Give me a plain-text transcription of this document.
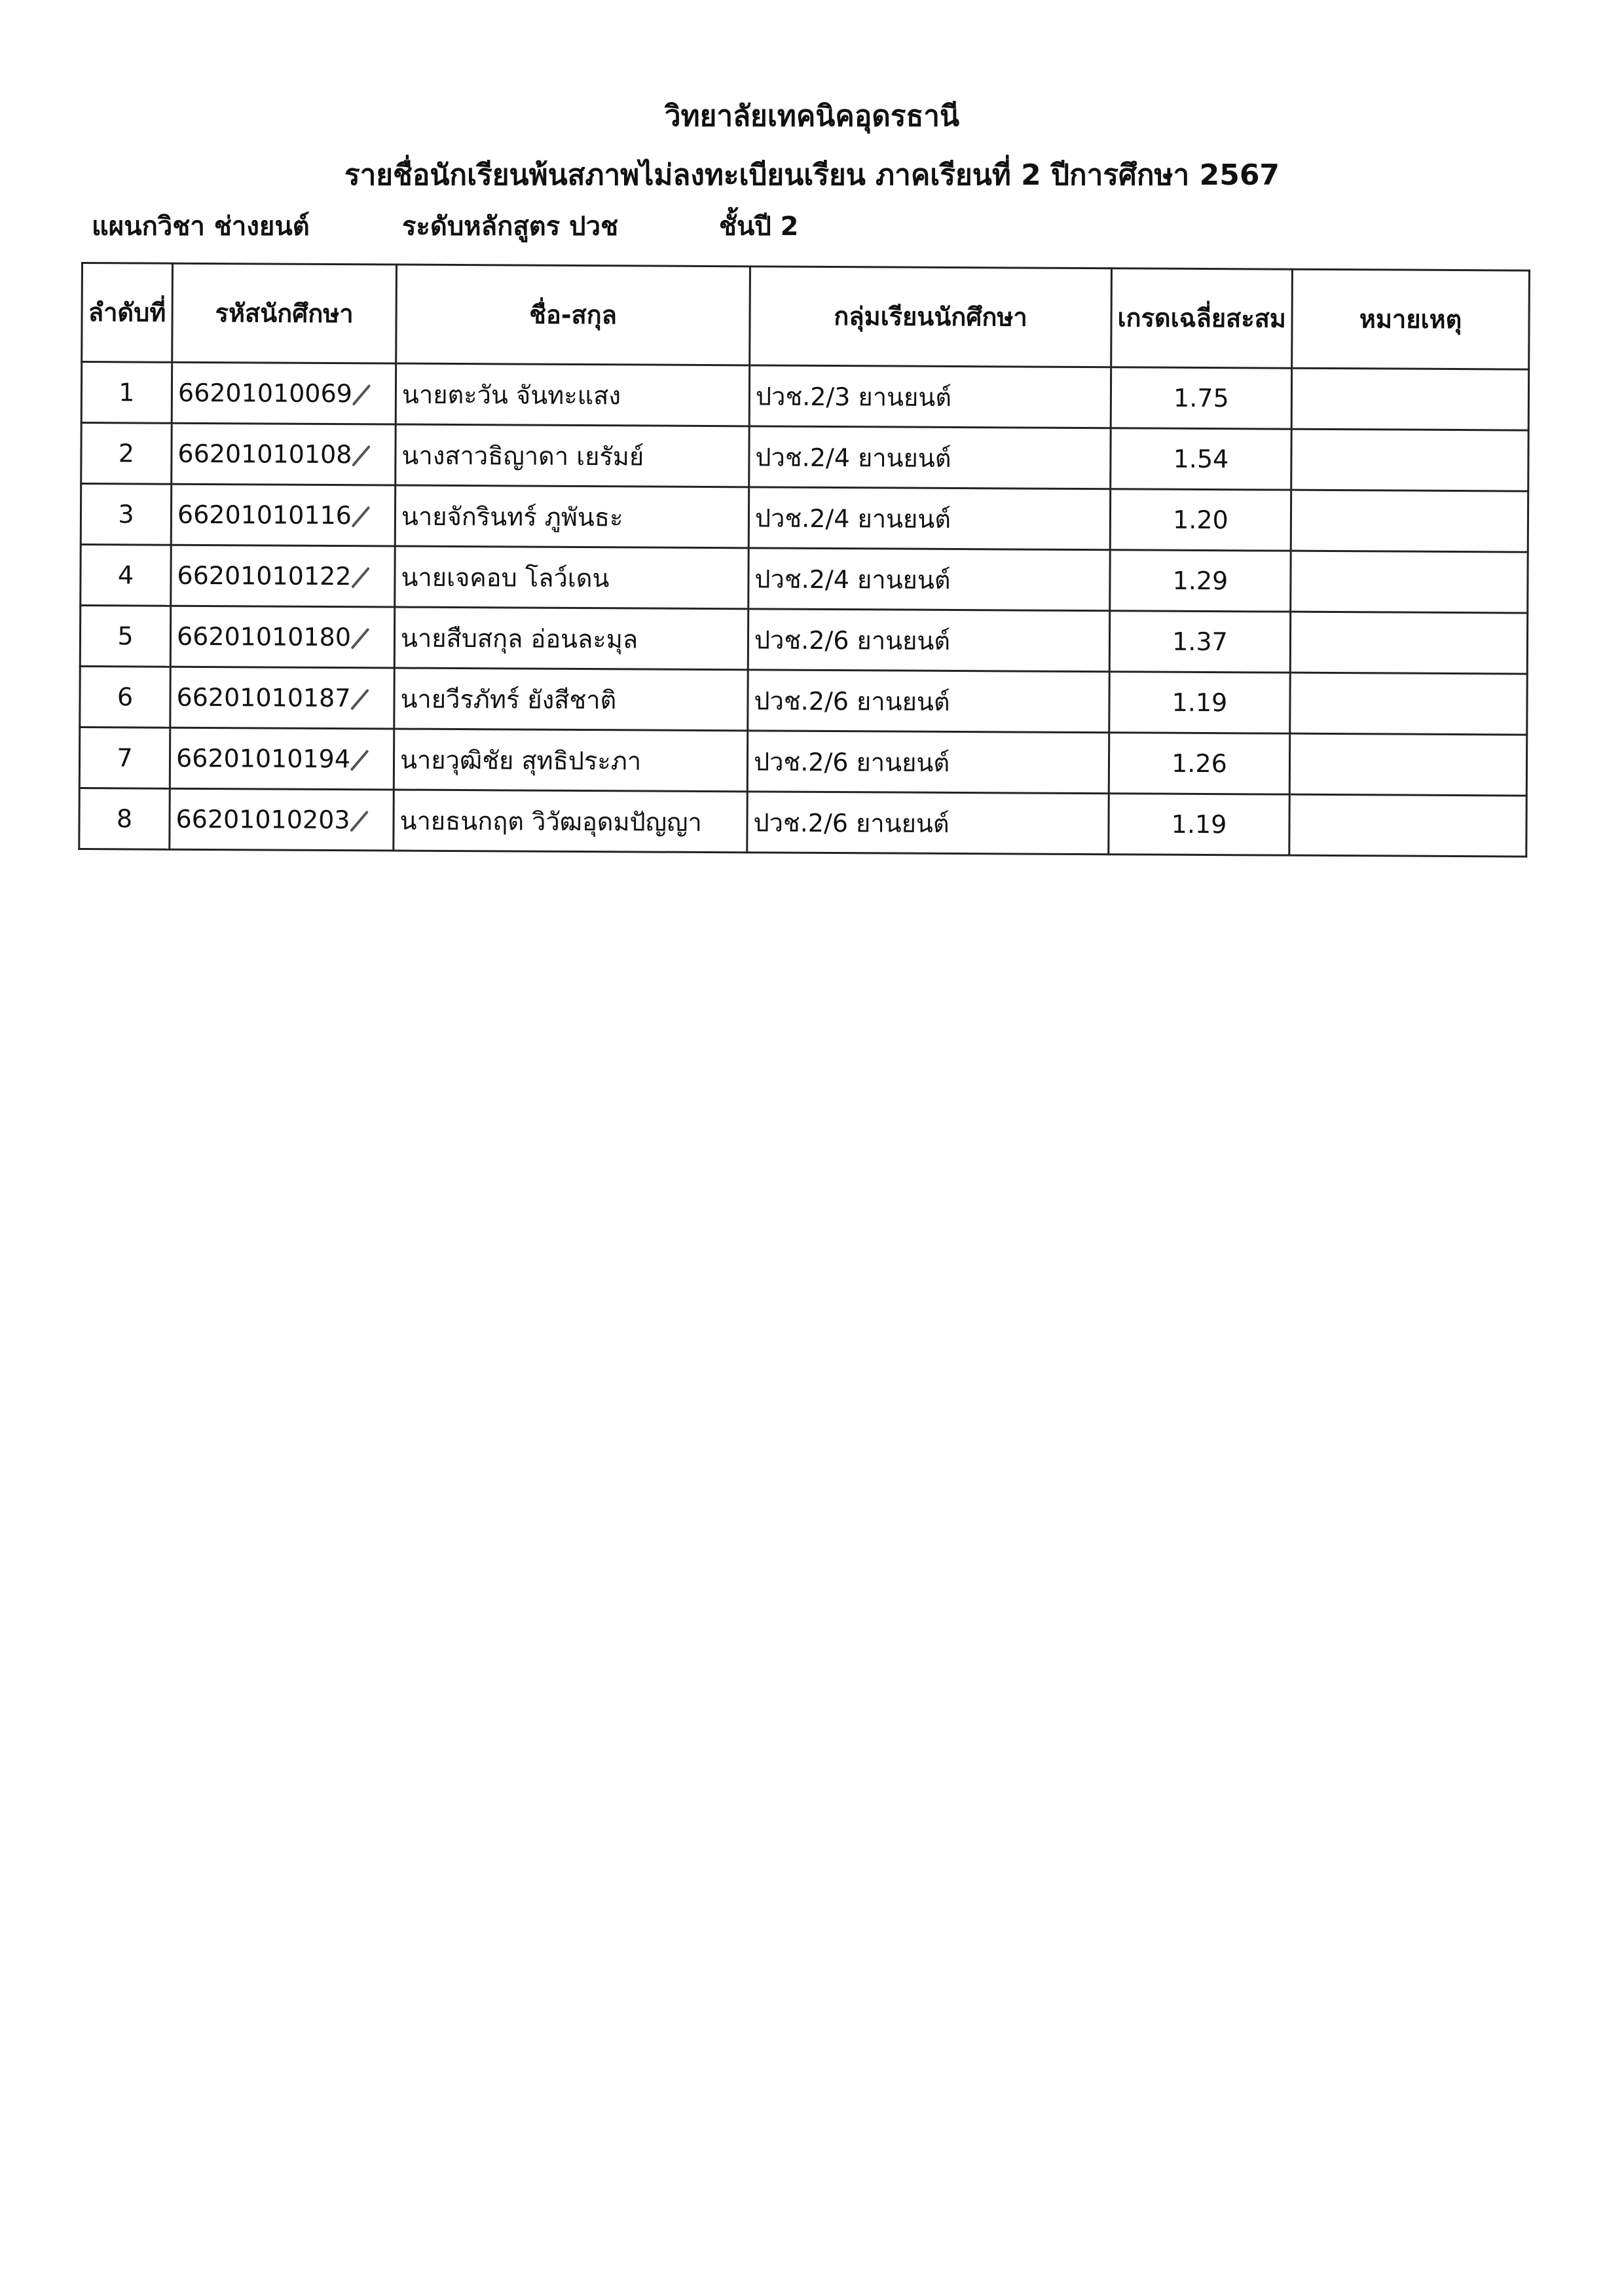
วิทยาลัยเทคนิคอุดรธานี
รายชื่อนักเรียนพ้นสภาพไม่ลงทะเบียนเรียน ภาคเรียนที่ 2 ปีการศึกษา 2567
แผนกวิชา ช่างยนต์	ระดับหลักสูตร ปวช	ชั้นปี 2
ลำดับที่	รหัสนักศึกษา	ชื่อ-สกุล	กลุ่มเรียนนักศึกษา	เกรดเฉลี่ยสะสม	หมายเหตุ
1	66201010069	นายตะวัน จันทะแสง	ปวช.2/3 ยานยนต์	1.75	
2	66201010108	นางสาวธิญาดา เยรัมย์	ปวช.2/4 ยานยนต์	1.54	
3	66201010116	นายจักรินทร์ ภูพันธะ	ปวช.2/4 ยานยนต์	1.20	
4	66201010122	นายเจคอบ โลว์เดน	ปวช.2/4 ยานยนต์	1.29	
5	66201010180	นายสืบสกุล อ่อนละมุล	ปวช.2/6 ยานยนต์	1.37	
6	66201010187	นายวีรภัทร์ ยังสีชาติ	ปวช.2/6 ยานยนต์	1.19	
7	66201010194	นายวุฒิชัย สุทธิประภา	ปวช.2/6 ยานยนต์	1.26	
8	66201010203	นายธนกฤต วิวัฒอุดมปัญญา	ปวช.2/6 ยานยนต์	1.19	
